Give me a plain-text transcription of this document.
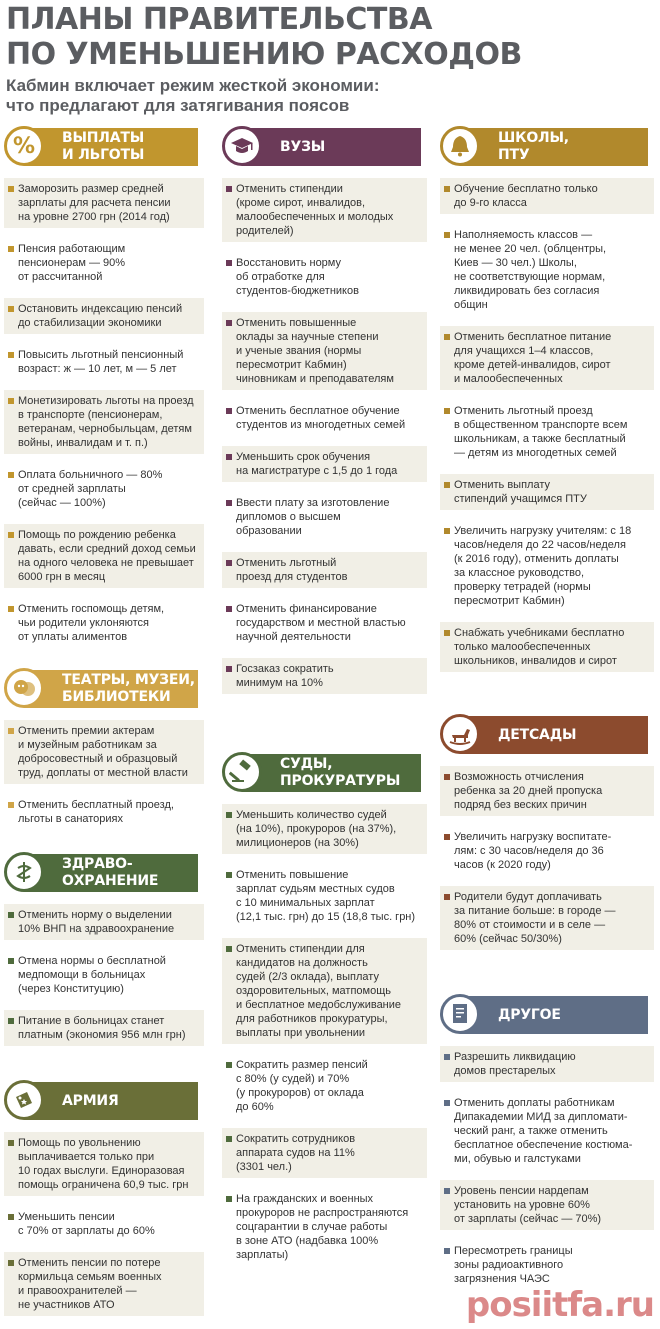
ПЛАНЫ ПРАВИТЕЛЬСТВА
ПО УМЕНЬШЕНИЮ РАСХОДОВ

Кабмин включает режим жесткой экономии:
что предлагают для затягивания поясов

%	ВЫПЛАТЫ
И ЛЬГОТЫ
Заморозить размер средней
зарплаты для расчета пенсии
на уровне 2700 грн (2014 год)
Пенсия работающим
пенсионерам — 90%
от рассчитанной
Остановить индексацию пенсий
до стабилизации экономики
Повысить льготный пенсионный
возраст: ж — 10 лет, м — 5 лет
Монетизировать льготы на проезд
в транспорте (пенсионерам,
ветеранам, чернобыльцам, детям
войны, инвалидам и т. п.)
Оплата больничного — 80%
от средней зарплаты
(сейчас — 100%)
Помощь по рождению ребенка
давать, если средний доход семьи
на одного человека не превышает
6000 грн в месяц
Отменить госпомощь детям,
чьи родители уклоняются
от уплаты алиментов
ТЕАТРЫ, МУЗЕИ,
БИБЛИОТЕКИ
Отменить премии актерам
и музейным работникам за
добросовестный и образцовый
труд, доплаты от местной власти
Отменить бесплатный проезд,
льготы в санаториях
ЗДРАВО-
ОХРАНЕНИЕ
Отменить норму о выделении
10% ВНП на здравоохранение
Отмена нормы о бесплатной
медпомощи в больницах
(через Конституцию)
Питание в больницах станет
платным (экономия 956 млн грн)
АРМИЯ
Помощь по увольнению
выплачивается только при
10 годах выслуги. Единоразовая
помощь ограничена 60,9 тыс. грн
Уменьшить пенсии
с 70% от зарплаты до 60%
Отменить пенсии по потере
кормильца семьям военных
и правоохранителей —
не участников АТО
ВУЗЫ
Отменить стипендии
(кроме сирот, инвалидов,
малообеспеченных и молодых
родителей)
Восстановить норму
об отработке для
студентов-бюджетников
Отменить повышенные
оклады за научные степени
и ученые звания (нормы
пересмотрит Кабмин)
чиновникам и преподавателям
Отменить бесплатное обучение
студентов из многодетных семей
Уменьшить срок обучения
на магистратуре с 1,5 до 1 года
Ввести плату за изготовление
дипломов о высшем
образовании
Отменить льготный
проезд для студентов
Отменить финансирование
государством и местной властью
научной деятельности
Госзаказ сократить
минимум на 10%
СУДЫ,
ПРОКУРАТУРЫ
Уменьшить количество судей
(на 10%), прокуроров (на 37%),
милиционеров (на 30%)
Отменить повышение
зарплат судьям местных судов
с 10 минимальных зарплат
(12,1 тыс. грн) до 15 (18,8 тыс. грн)
Отменить стипендии для
кандидатов на должность
судей (2/3 оклада), выплату
оздоровительных, матпомощь
и бесплатное медобслуживание
для работников прокуратуры,
выплаты при увольнении
Сократить размер пенсий
с 80% (у судей) и 70%
(у прокуроров) от оклада
до 60%
Сократить сотрудников
аппарата судов на 11%
(3301 чел.)
На гражданских и военных
прокуроров не распространяются
соцгарантии в случае работы
в зоне АТО (надбавка 100%
зарплаты)
ШКОЛЫ,
ПТУ
Обучение бесплатно только
до 9-го класса
Наполняемость классов —
не менее 20 чел. (облцентры,
Киев — 30 чел.) Школы,
не соответствующие нормам,
ликвидировать без согласия
общин
Отменить бесплатное питание
для учащихся 1–4 классов,
кроме детей-инвалидов, сирот
и малообеспеченных
Отменить льготный проезд
в общественном транспорте всем
школьникам, а также бесплатный
— детям из многодетных семей
Отменить выплату
стипендий учащимся ПТУ
Увеличить нагрузку учителям: с 18
часов/неделя до 22 часов/неделя
(к 2016 году), отменить доплаты
за классное руководство,
проверку тетрадей (нормы
пересмотрит Кабмин)
Снабжать учебниками бесплатно
только малообеспеченных
школьников, инвалидов и сирот
ДЕТСАДЫ
Возможность отчисления
ребенка за 20 дней пропуска
подряд без веских причин
Увеличить нагрузку воспитате-
лям: с 30 часов/неделя до 36
часов (к 2020 году)
Родители будут доплачивать
за питание больше: в городе —
80% от стоимости и в селе —
60% (сейчас 50/30%)
ДРУГОЕ
Разрешить ликвидацию
домов престарелых
Отменить доплаты работникам
Дипакадемии МИД за дипломати-
ческий ранг, а также отменить
бесплатное обеспечение костюма-
ми, обувью и галстуками
Уровень пенсии нардепам
установить на уровне 60%
от зарплаты (сейчас — 70%)
Пересмотреть границы
зоны радиоактивного
загрязнения ЧАЭС
posiitfa.ru
